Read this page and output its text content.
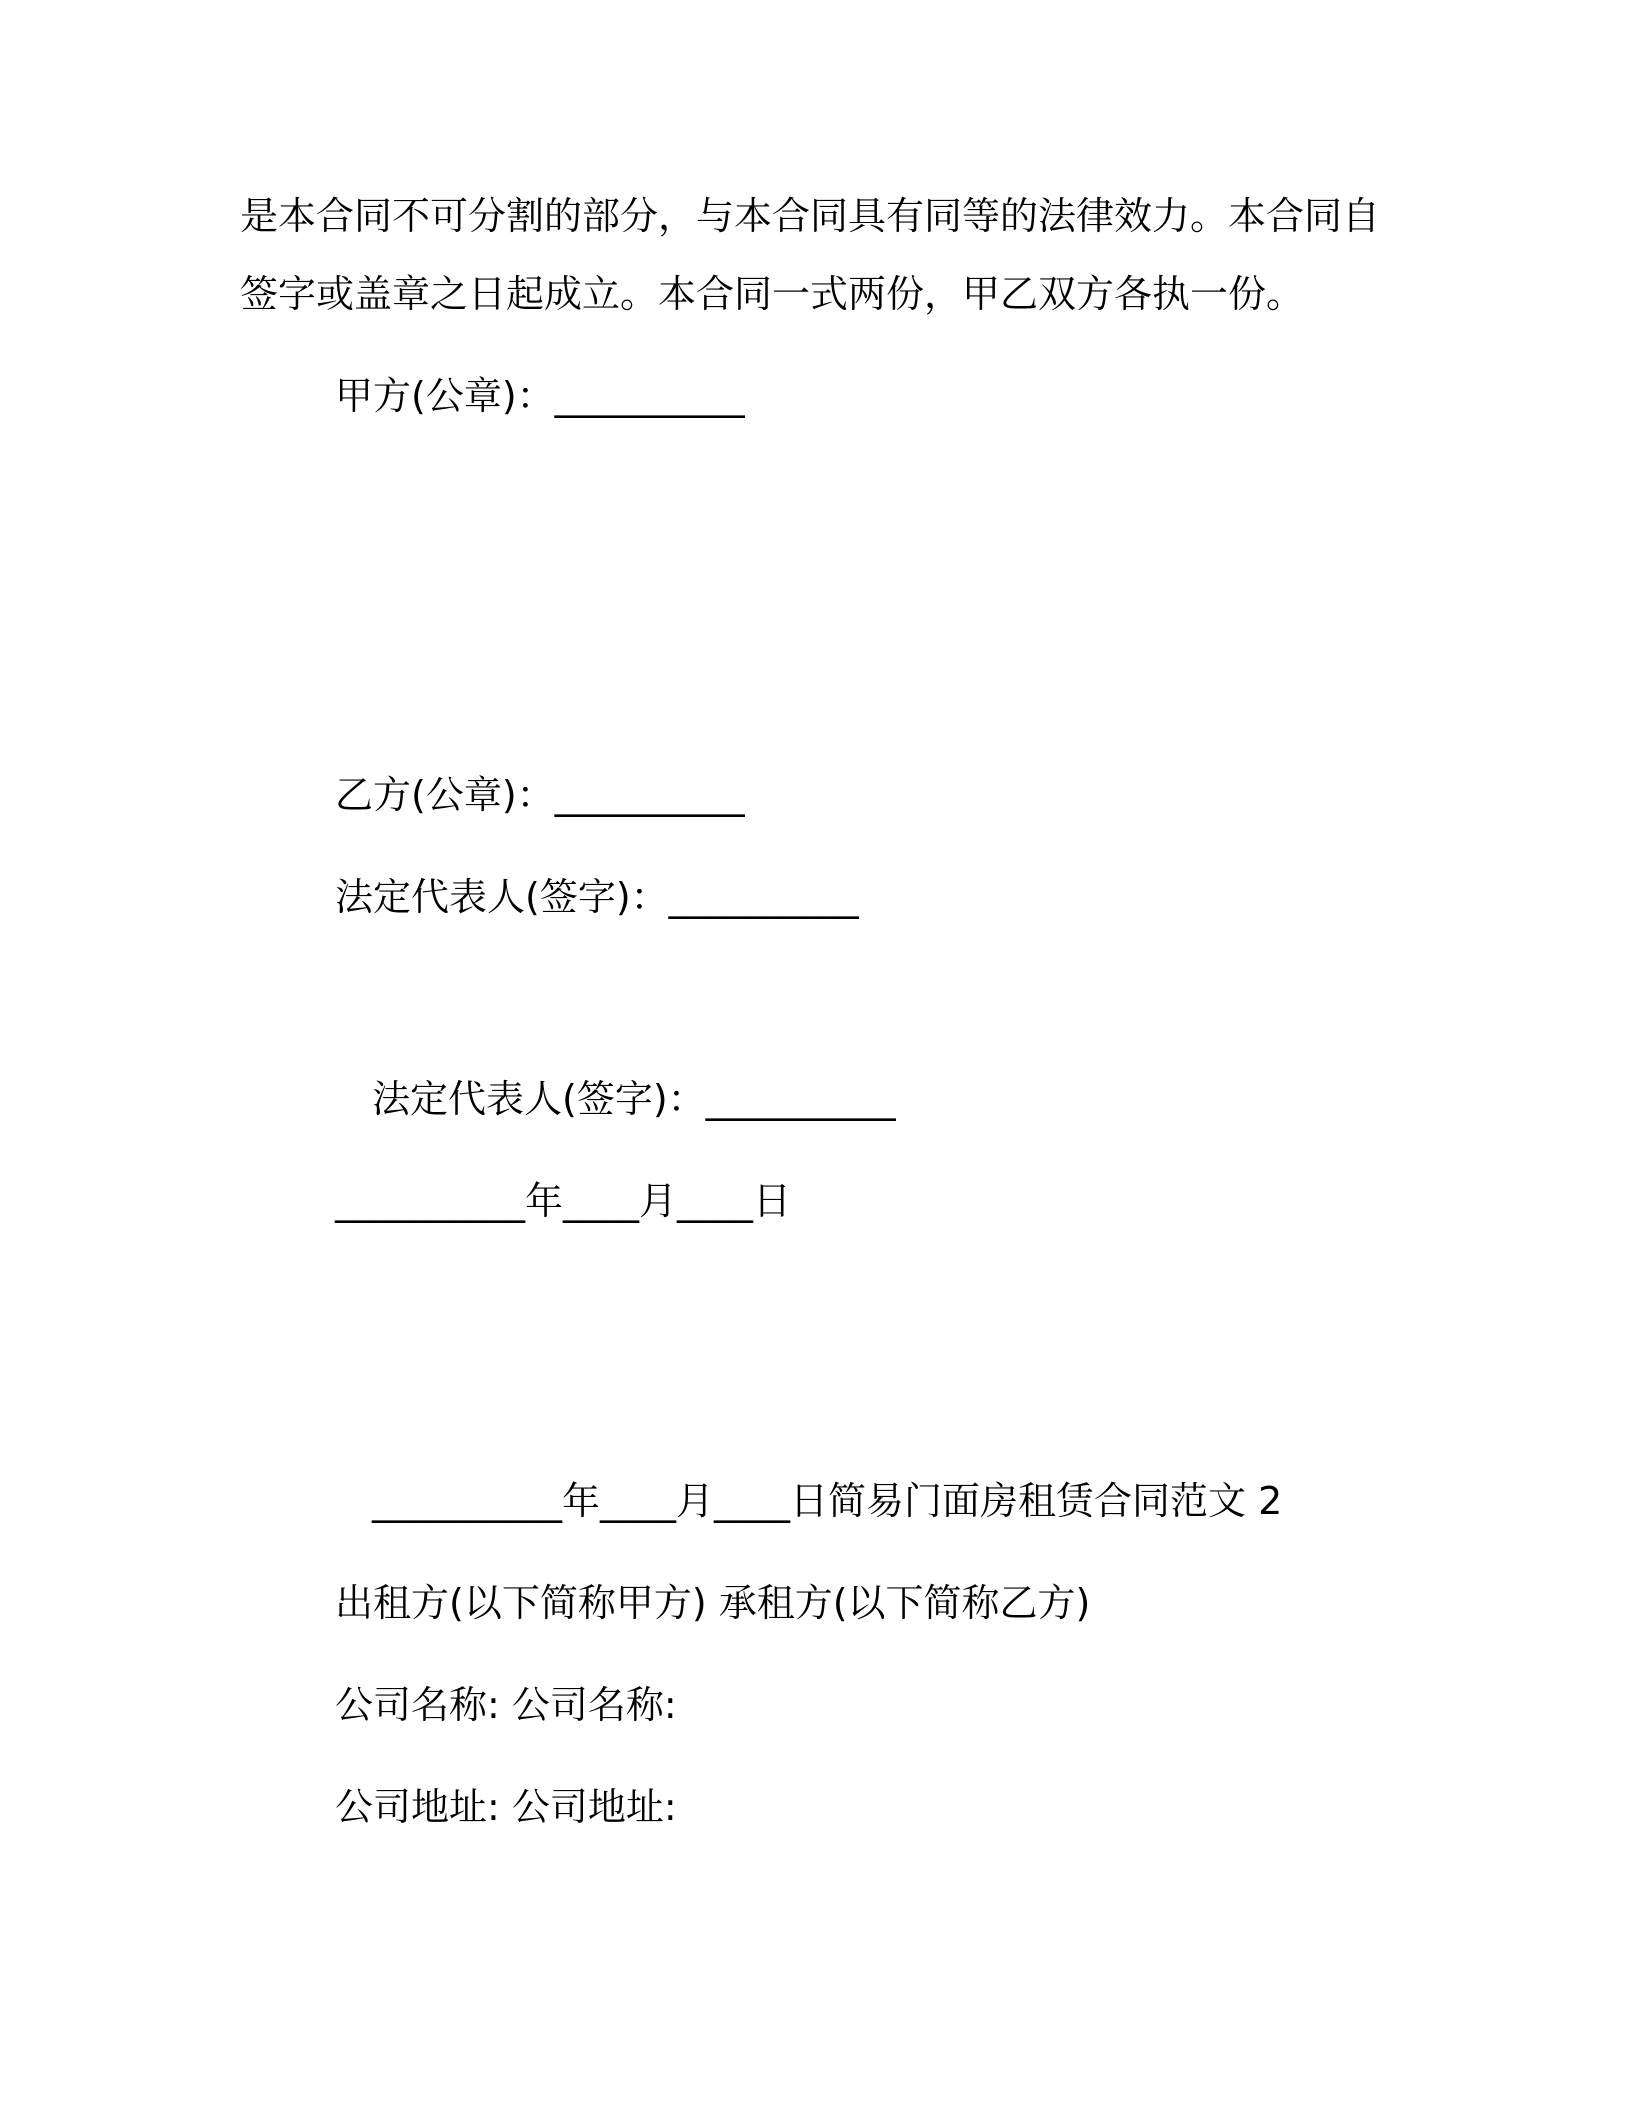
是本合同不可分割的部分，与本合同具有同等的法律效力。本合同自
签字或盖章之日起成立。本合同一式两份，甲乙双方各执一份。
甲方(公章)：__________
乙方(公章)：__________
法定代表人(签字)：__________
法定代表人(签字)：__________
__________年____月____日
__________年____月____日简易门面房租赁合同范文 2
出租方(以下简称甲方) 承租方(以下简称乙方)
公司名称: 公司名称:
公司地址: 公司地址:
